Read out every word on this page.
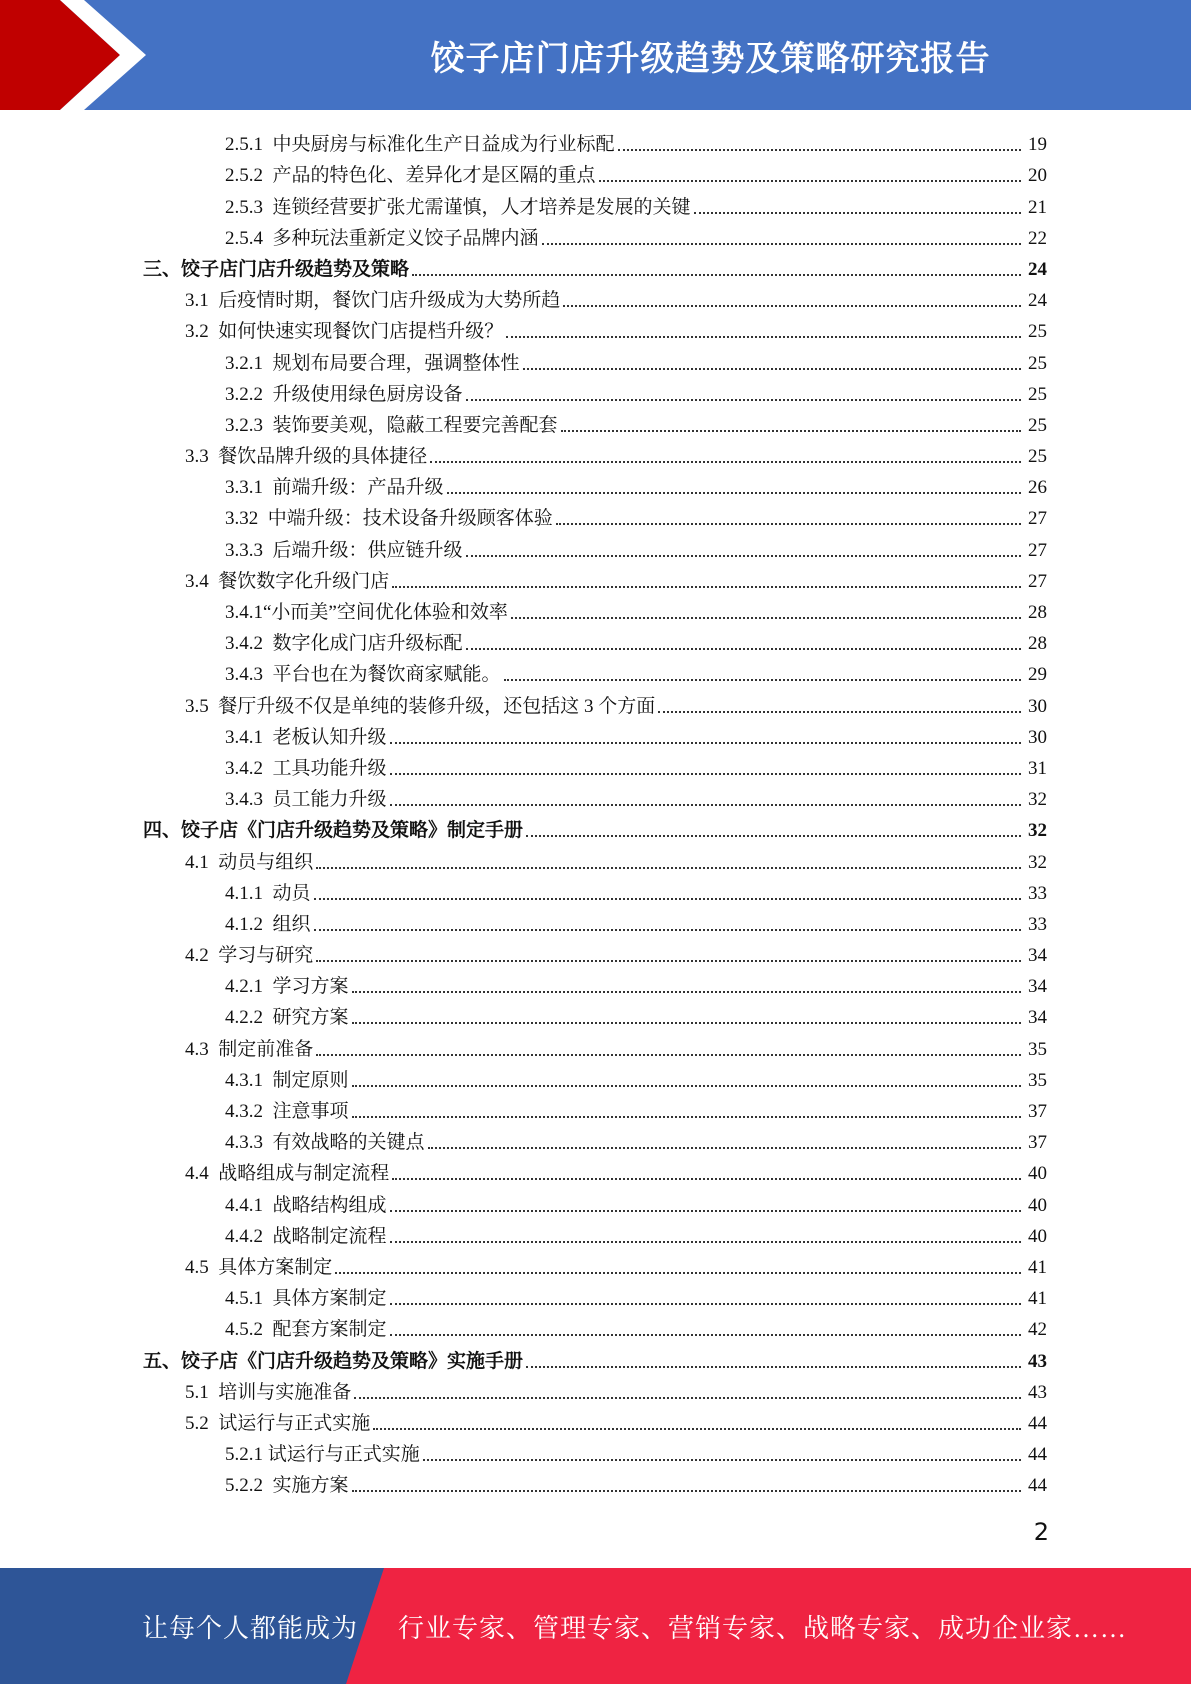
饺子店门店升级趋势及策略研究报告
2.5.1  中央厨房与标准化生产日益成为行业标配	19
2.5.2  产品的特色化、差异化才是区隔的重点	20
2.5.3  连锁经营要扩张尤需谨慎，人才培养是发展的关键	21
2.5.4  多种玩法重新定义饺子品牌内涵	22
三、饺子店门店升级趋势及策略	24
3.1  后疫情时期，餐饮门店升级成为大势所趋	24
3.2  如何快速实现餐饮门店提档升级？	25
3.2.1  规划布局要合理，强调整体性	25
3.2.2  升级使用绿色厨房设备	25
3.2.3  装饰要美观，隐蔽工程要完善配套	25
3.3  餐饮品牌升级的具体捷径	25
3.3.1  前端升级：产品升级	26
3.32  中端升级：技术设备升级顾客体验	27
3.3.3  后端升级：供应链升级	27
3.4  餐饮数字化升级门店	27
3.4.1“小而美”空间优化体验和效率	28
3.4.2  数字化成门店升级标配	28
3.4.3  平台也在为餐饮商家赋能。	29
3.5  餐厅升级不仅是单纯的装修升级，还包括这 3 个方面	30
3.4.1  老板认知升级	30
3.4.2  工具功能升级	31
3.4.3  员工能力升级	32
四、饺子店《门店升级趋势及策略》制定手册	32
4.1  动员与组织	32
4.1.1  动员	33
4.1.2  组织	33
4.2  学习与研究	34
4.2.1  学习方案	34
4.2.2  研究方案	34
4.3  制定前准备	35
4.3.1  制定原则	35
4.3.2  注意事项	37
4.3.3  有效战略的关键点	37
4.4  战略组成与制定流程	40
4.4.1  战略结构组成	40
4.4.2  战略制定流程	40
4.5  具体方案制定	41
4.5.1  具体方案制定	41
4.5.2  配套方案制定	42
五、饺子店《门店升级趋势及策略》实施手册	43
5.1  培训与实施准备	43
5.2  试运行与正式实施	44
5.2.1 试运行与正式实施	44
5.2.2  实施方案	44
2
让每个人都能成为 行业专家、管理专家、营销专家、战略专家、成功企业家……
